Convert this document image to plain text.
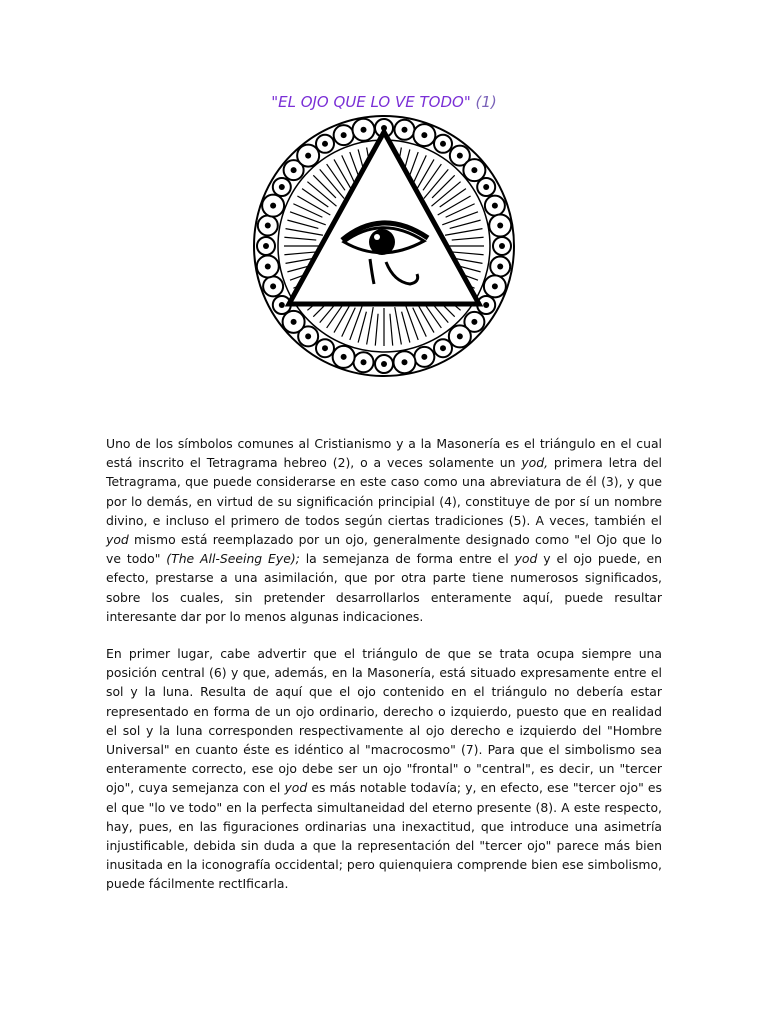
"EL OJO QUE LO VE TODO" (1)

Uno de los símbolos comunes al Cristianismo y a la Masonería es el triángulo en el cual está inscrito el Tetragrama hebreo (2), o a veces solamente un yod, primera letra del Tetragrama, que puede considerarse en este caso como una abreviatura de él (3), y que por lo demás, en virtud de su significación principial (4), constituye de por sí un nombre divino, e incluso el primero de todos según ciertas tradiciones (5). A veces, también el yod mismo está reemplazado por un ojo, generalmente designado como "el Ojo que lo ve todo" (The All-Seeing Eye); la semejanza de forma entre el yod y el ojo puede, en efecto, prestarse a una asimilación, que por otra parte tiene numerosos significados, sobre los cuales, sin pretender desarrollarlos enteramente aquí, puede resultar interesante dar por lo menos algunas indicaciones.

En primer lugar, cabe advertir que el triángulo de que se trata ocupa siempre una posición central (6) y que, además, en la Masonería, está situado expresamente entre el sol y la luna. Resulta de aquí que el ojo contenido en el triángulo no debería estar representado en forma de un ojo ordinario, derecho o izquierdo, puesto que en realidad el sol y la luna corresponden respectivamente al ojo derecho e izquierdo del "Hombre Universal" en cuanto éste es idéntico al "macrocosmo" (7). Para que el simbolismo sea enteramente correcto, ese ojo debe ser un ojo "frontal" o "central", es decir, un "tercer ojo", cuya semejanza con el yod es más notable todavía; y, en efecto, ese "tercer ojo" es el que "lo ve todo" en la perfecta simultaneidad del eterno presente (8). A este respecto, hay, pues, en las figuraciones ordinarias una inexactitud, que introduce una asimetría injustificable, debida sin duda a que la representación del "tercer ojo" parece más bien inusitada en la iconografía occidental; pero quienquiera comprende bien ese simbolismo, puede fácilmente rectIficarla.
